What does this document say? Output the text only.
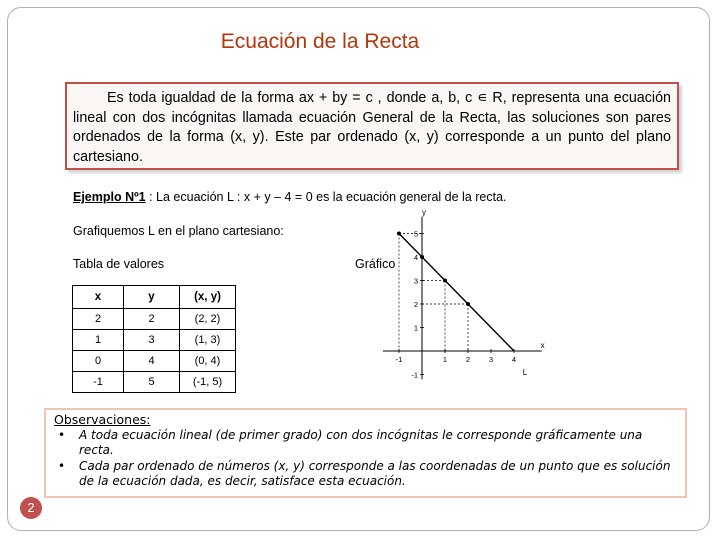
Ecuación de la Recta
Es toda igualdad de la forma ax + by = c , donde a, b, c ∊ R, representa una ecuación lineal con dos incógnitas llamada ecuación General de la Recta, las soluciones son pares ordenados de la forma (x, y). Este par ordenado (x, y) corresponde a un punto del plano cartesiano.
Ejemplo Nº1 : La ecuación L : x + y – 4 = 0 es la ecuación general de la recta.
Grafiquemos L en el plano cartesiano:
Tabla de valores	Gráfico
x	y	(x, y)
2	2	(2, 2)
1	3	(1, 3)
0	4	(0, 4)
-1	5	(-1, 5)
-1	1	2	3	4
-1
1
2
3
4
5
x
y
L
Observaciones:
• A toda ecuación lineal (de primer grado) con dos incógnitas le corresponde gráficamente una recta.
• Cada par ordenado de números (x, y) corresponde a las coordenadas de un punto que es solución de la ecuación dada, es decir, satisface esta ecuación.
2
